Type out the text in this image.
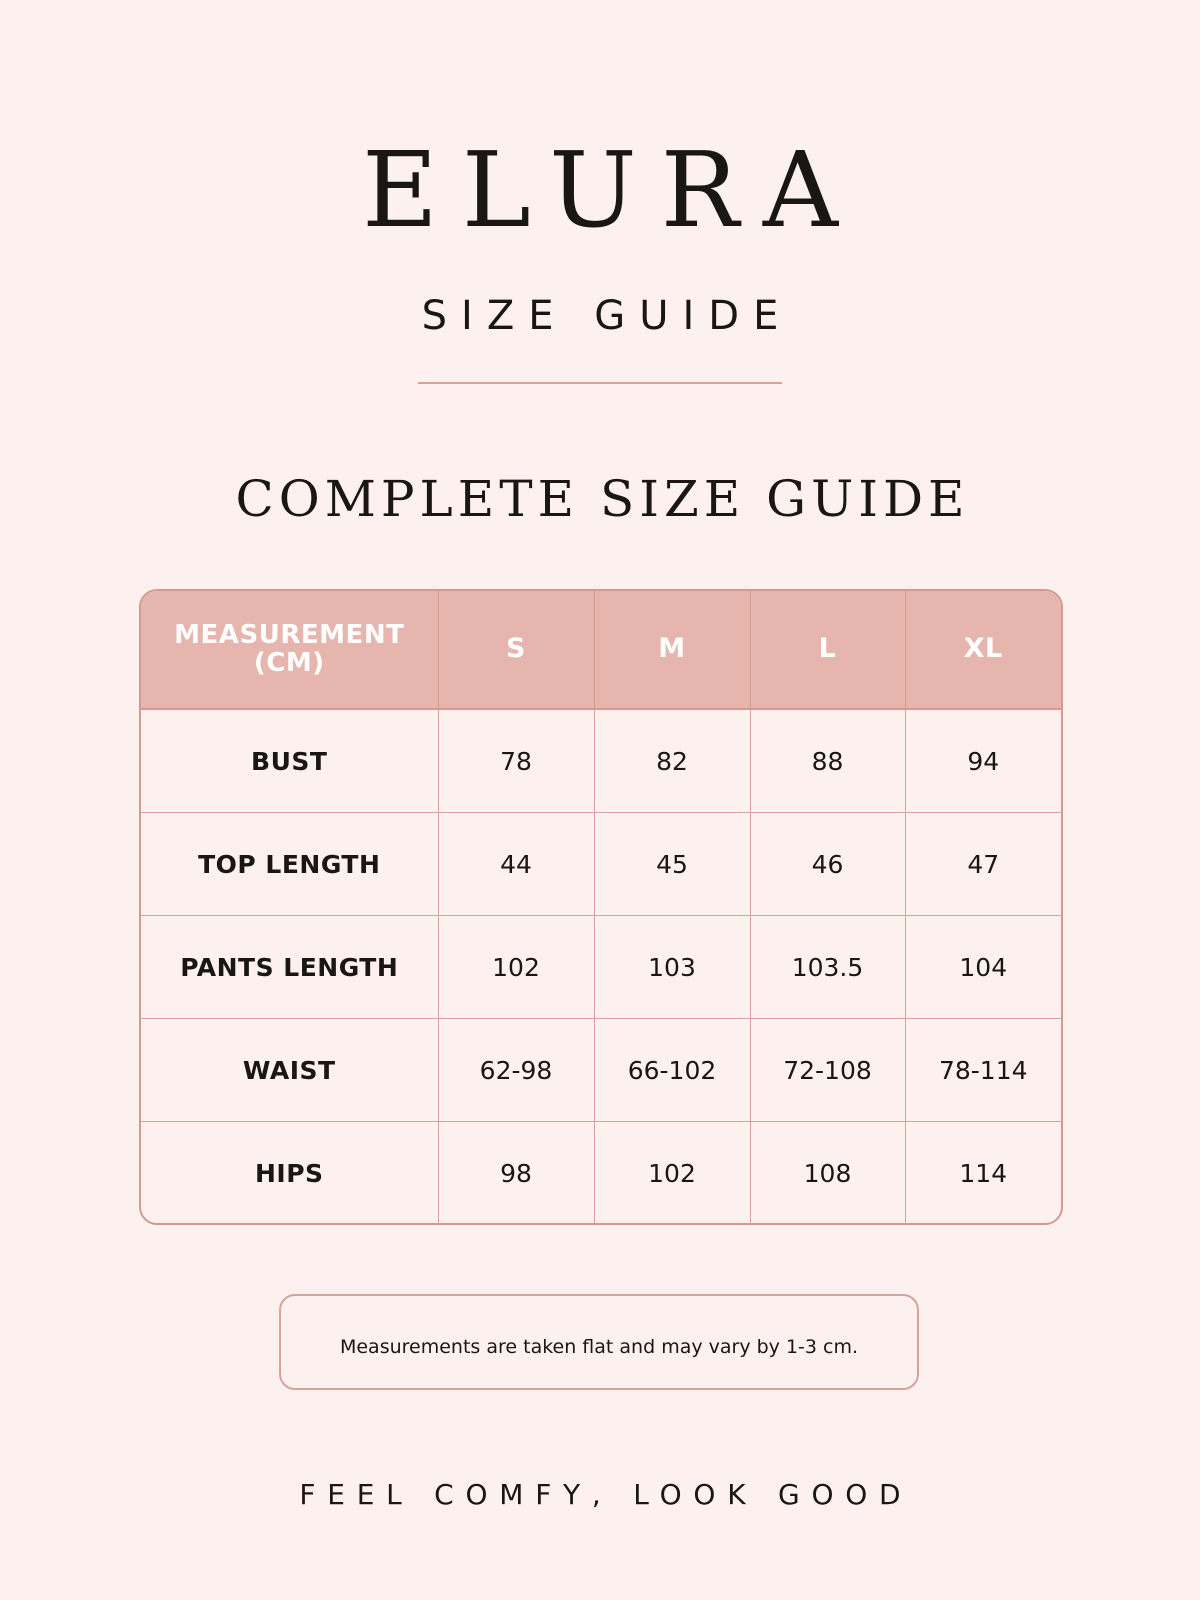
ELURA
SIZE GUIDE
COMPLETE SIZE GUIDE
MEASUREMENT (CM)	S	M	L	XL
BUST	78	82	88	94
TOP LENGTH	44	45	46	47
PANTS LENGTH	102	103	103.5	104
WAIST	62-98	66-102	72-108	78-114
HIPS	98	102	108	114
Measurements are taken flat and may vary by 1-3 cm.
FEEL COMFY, LOOK GOOD
